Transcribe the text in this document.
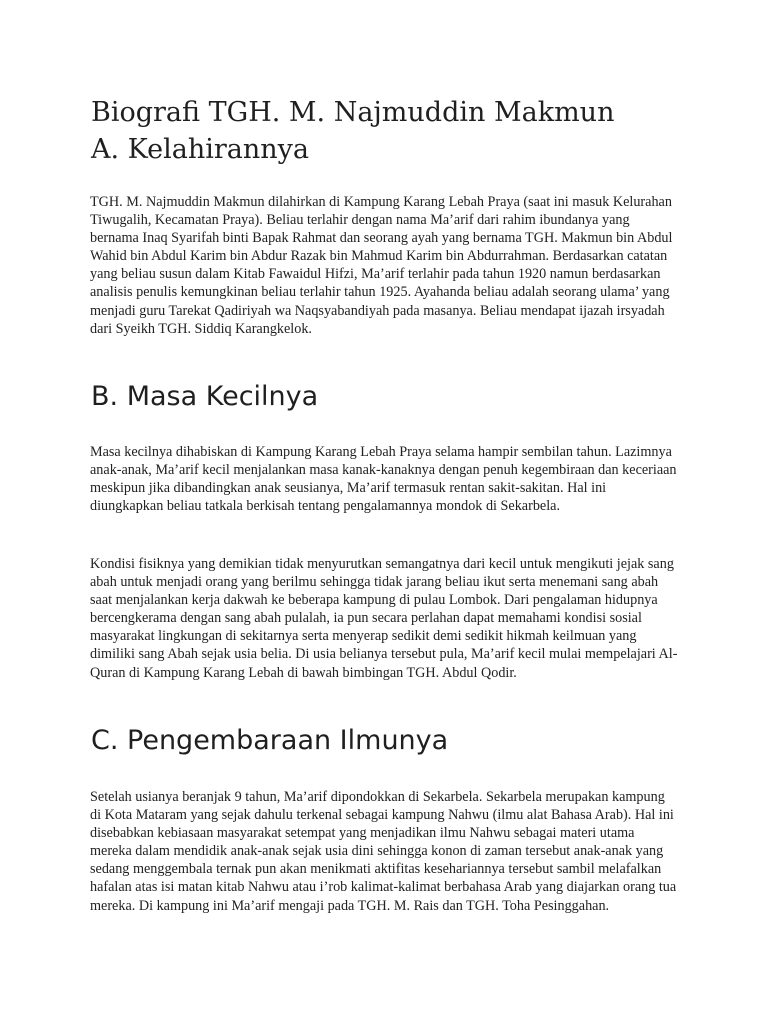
Biografi TGH. M. Najmuddin Makmun
A. Kelahirannya

TGH. M. Najmuddin Makmun dilahirkan di Kampung Karang Lebah Praya (saat ini masuk Kelurahan Tiwugalih, Kecamatan Praya). Beliau terlahir dengan nama Ma’arif dari rahim ibundanya yang bernama Inaq Syarifah binti Bapak Rahmat dan seorang ayah yang bernama TGH. Makmun bin Abdul Wahid bin Abdul Karim bin Abdur Razak bin Mahmud Karim bin Abdurrahman. Berdasarkan catatan yang beliau susun dalam Kitab Fawaidul Hifzi, Ma’arif terlahir pada tahun 1920 namun berdasarkan analisis penulis kemungkinan beliau terlahir tahun 1925. Ayahanda beliau adalah seorang ulama’ yang menjadi guru Tarekat Qadiriyah wa Naqsyabandiyah pada masanya. Beliau mendapat ijazah irsyadah dari Syeikh TGH. Siddiq Karangkelok.

B. Masa Kecilnya

Masa kecilnya dihabiskan di Kampung Karang Lebah Praya selama hampir sembilan tahun. Lazimnya anak-anak, Ma’arif kecil menjalankan masa kanak-kanaknya dengan penuh kegembiraan dan keceriaan meskipun jika dibandingkan anak seusianya, Ma’arif termasuk rentan sakit-sakitan. Hal ini diungkapkan beliau tatkala berkisah tentang pengalamannya mondok di Sekarbela.

Kondisi fisiknya yang demikian tidak menyurutkan semangatnya dari kecil untuk mengikuti jejak sang abah untuk menjadi orang yang berilmu sehingga tidak jarang beliau ikut serta menemani sang abah saat menjalankan kerja dakwah ke beberapa kampung di pulau Lombok. Dari pengalaman hidupnya bercengkerama dengan sang abah pulalah, ia pun secara perlahan dapat memahami kondisi sosial masyarakat lingkungan di sekitarnya serta menyerap sedikit demi sedikit hikmah keilmuan yang dimiliki sang Abah sejak usia belia. Di usia belianya tersebut pula, Ma’arif kecil mulai mempelajari Al-Quran di Kampung Karang Lebah di bawah bimbingan TGH. Abdul Qodir.

C. Pengembaraan Ilmunya

Setelah usianya beranjak 9 tahun, Ma’arif dipondokkan di Sekarbela. Sekarbela merupakan kampung di Kota Mataram yang sejak dahulu terkenal sebagai kampung Nahwu (ilmu alat Bahasa Arab). Hal ini disebabkan kebiasaan masyarakat setempat yang menjadikan ilmu Nahwu sebagai materi utama mereka dalam mendidik anak-anak sejak usia dini sehingga konon di zaman tersebut anak-anak yang sedang menggembala ternak pun akan menikmati aktifitas kesehariannya tersebut sambil melafalkan hafalan atas isi matan kitab Nahwu atau i’rob kalimat-kalimat berbahasa Arab yang diajarkan orang tua mereka. Di kampung ini Ma’arif mengaji pada TGH. M. Rais dan TGH. Toha Pesinggahan.
